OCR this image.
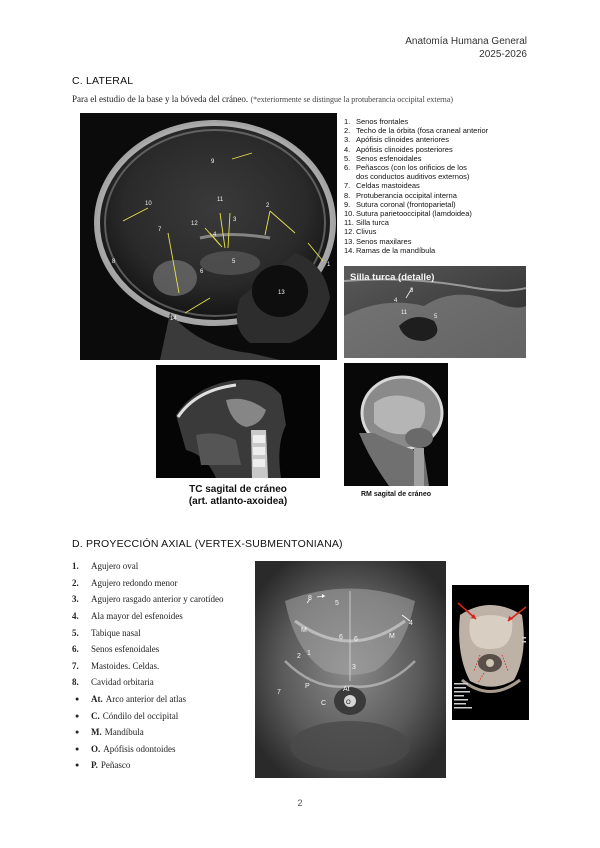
Anatomía Humana General
2025-2026
C. LATERAL
Para el estudio de la base y la bóveda del cráneo. (*exteriormente se distingue la protuberancia occipital externa)
9
10
7
11
12
4
3
2
5
6
8	1
13
14
1. Senos frontales
2. Techo de la órbita (fosa craneal anterior
3. Apófisis clinoides anteriores
4. Apófisis clinoides posteriores
5. Senos esfenoidales
6. Peñascos (con los orificios de los
dos conductos auditivos externos)
7. Celdas mastoideas
8. Protuberancia occipital interna
9. Sutura coronal (frontoparietal)
10. Sutura parietooccipital (lamdoidea)
11. Silla turca
12. Clivus
13. Senos maxilares
14. Ramas de la mandíbula
Silla turca (detalle)
3
4
11
5
TC sagital de cráneo
(art. atlanto-axoidea)
RM sagital de cráneo
D. PROYECCIÓN AXIAL (VERTEX-SUBMENTONIANA)
1.	Agujero oval
2.	Agujero redondo menor
3.	Agujero rasgado anterior y carotídeo
4.	Ala mayor del esfenoides
5.	Tabique nasal
6.	Senos esfenoidales
7.	Mastoides. Celdas.
8.	Cavidad orbitaria
●	At. Arco anterior del atlas
●	C. Cóndilo del occipital
●	M. Mandíbula
●	O. Apófisis odontoides
●	P. Peñasco
8
5
4
M
M
6 6
2 1
3
7
P	At
C	O
2
